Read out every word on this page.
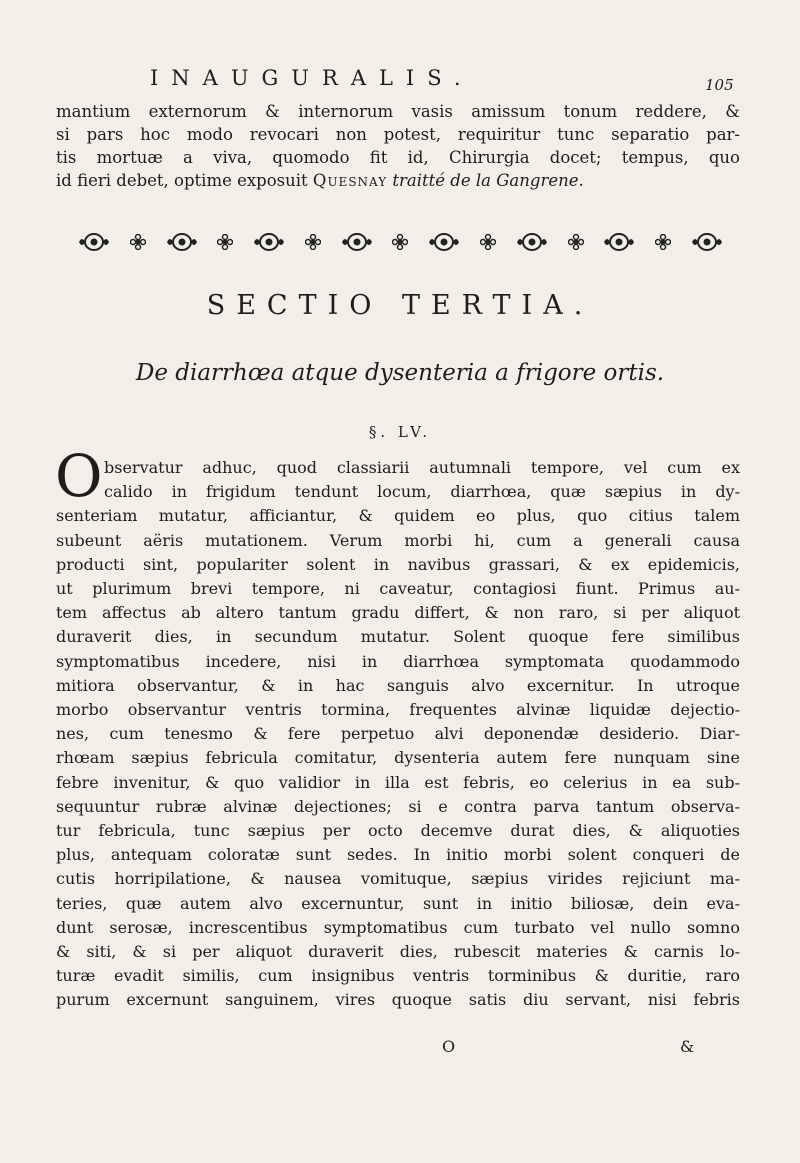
INAUGURALIS.	105
mantium externorum & internorum vasis amissum tonum reddere, &
si pars hoc modo revocari non potest, requiritur tunc separatio par-
tis mortuæ a viva, quomodo fit id, Chirurgia docet; tempus, quo
id fieri debet, optime exposuit Quesnay traitté de la Gangrene.
SECTIO TERTIA.
De diarrhœa atque dysenteria a frigore ortis.
§. LV.
O bservatur adhuc, quod classiarii autumnali tempore, vel cum ex
calido in frigidum tendunt locum, diarrhœa, quæ sæpius in dy-
senteriam mutatur, afficiantur, & quidem eo plus, quo citius talem
subeunt aëris mutationem. Verum morbi hi, cum a generali causa
producti sint, populariter solent in navibus grassari, & ex epidemicis,
ut plurimum brevi tempore, ni caveatur, contagiosi fiunt. Primus au-
tem affectus ab altero tantum gradu differt, & non raro, si per aliquot
duraverit dies, in secundum mutatur. Solent quoque fere similibus
symptomatibus incedere, nisi in diarrhœa symptomata quodammodo
mitiora observantur, & in hac sanguis alvo excernitur. In utroque
morbo observantur ventris tormina, frequentes alvinæ liquidæ dejectio-
nes, cum tenesmo & fere perpetuo alvi deponendæ desiderio. Diar-
rhœam sæpius febricula comitatur, dysenteria autem fere nunquam sine
febre invenitur, & quo validior in illa est febris, eo celerius in ea sub-
sequuntur rubræ alvinæ dejectiones; si e contra parva tantum observa-
tur febricula, tunc sæpius per octo decemve durat dies, & aliquoties
plus, antequam coloratæ sunt sedes. In initio morbi solent conqueri de
cutis horripilatione, & nausea vomituque, sæpius virides rejiciunt ma-
teries, quæ autem alvo excernuntur, sunt in initio biliosæ, dein eva-
dunt serosæ, increscentibus symptomatibus cum turbato vel nullo somno
& siti, & si per aliquot duraverit dies, rubescit materies & carnis lo-
turæ evadit similis, cum insignibus ventris torminibus & duritie, raro
purum excernunt sanguinem, vires quoque satis diu servant, nisi febris
O	&
